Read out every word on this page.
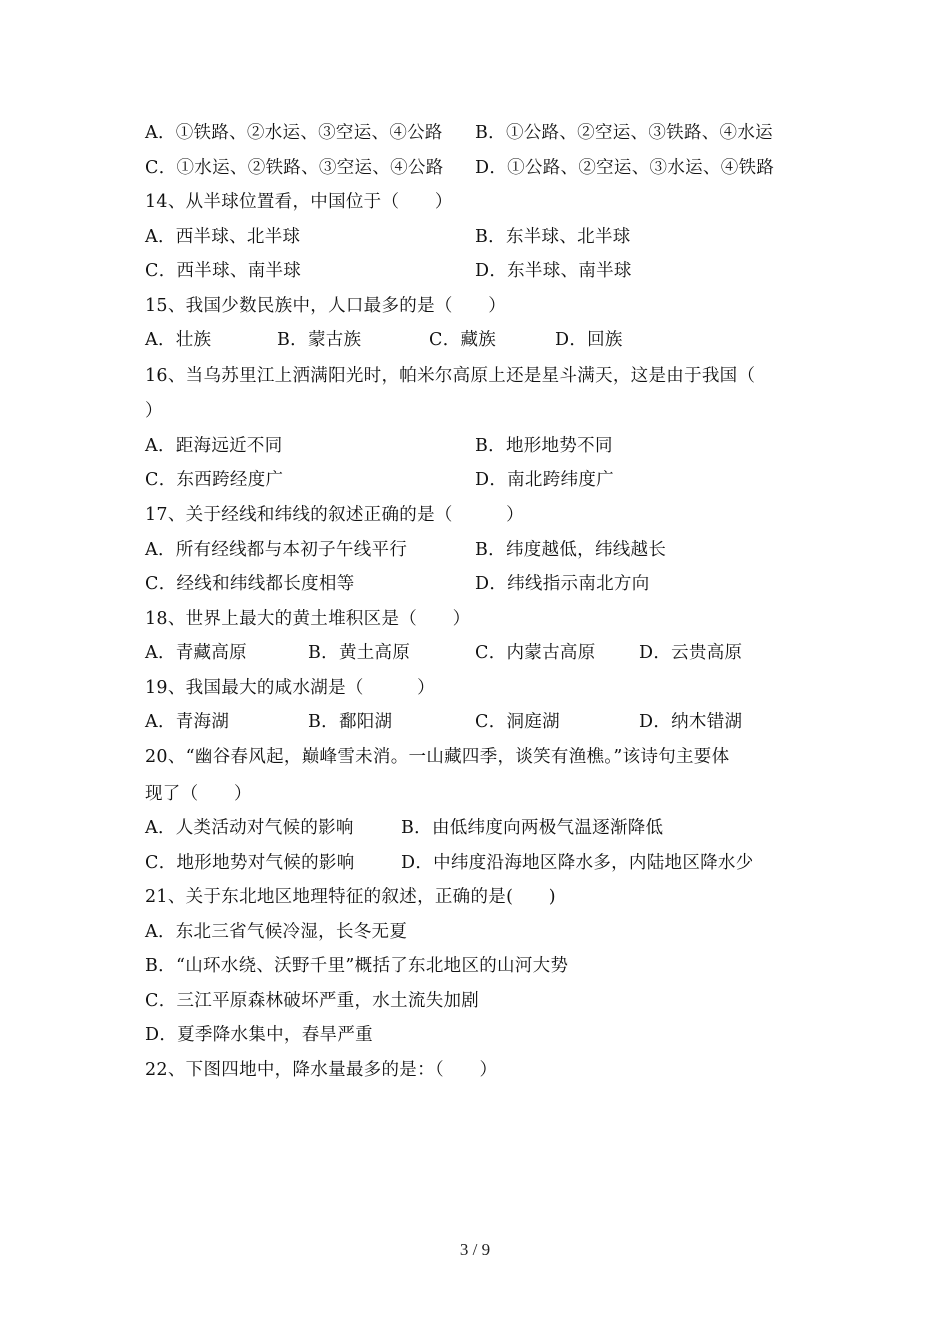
A．①铁路、②水运、③空运、④公路 B．①公路、②空运、③铁路、④水运
C．①水运、②铁路、③空运、④公路 D．①公路、②空运、③水运、④铁路
14、从半球位置看，中国位于（　　）
A．西半球、北半球	B．东半球、北半球
C．西半球、南半球	D．东半球、南半球
15、我国少数民族中，人口最多的是（　　）
A．壮族	B．蒙古族	C．藏族	D．回族
16、当乌苏里江上洒满阳光时，帕米尔高原上还是星斗满天，这是由于我国（
）
A．距海远近不同	B．地形地势不同
C．东西跨经度广	D．南北跨纬度广
17、关于经线和纬线的叙述正确的是（　　　）
A．所有经线都与本初子午线平行	B．纬度越低，纬线越长
C．经线和纬线都长度相等	D．纬线指示南北方向
18、世界上最大的黄土堆积区是（　　）
A．青藏高原	B．黄土高原	C．内蒙古高原 D．云贵高原
19、我国最大的咸水湖是（　　　）
A．青海湖	B．鄱阳湖	C．洞庭湖	D．纳木错湖
20、“幽谷春风起，巅峰雪未消。一山藏四季，谈笑有渔樵。”该诗句主要体
现了（　　）
A．人类活动对气候的影响	B．由低纬度向两极气温逐渐降低
C．地形地势对气候的影响	D．中纬度沿海地区降水多，内陆地区降水少
21、关于东北地区地理特征的叙述，正确的是(　　)
A．东北三省气候冷湿，长冬无夏
B．“山环水绕、沃野千里”概括了东北地区的山河大势
C．三江平原森林破坏严重，水土流失加剧
D．夏季降水集中，春旱严重
22、下图四地中，降水量最多的是：（　　）
3 / 9
